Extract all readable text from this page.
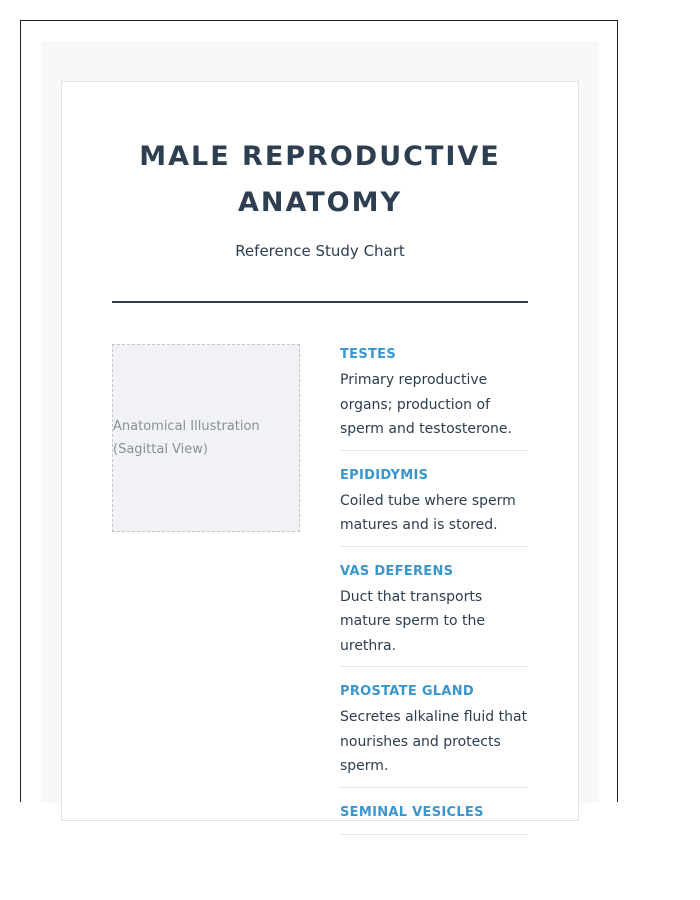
MALE REPRODUCTIVE ANATOMY
Reference Study Chart
Anatomical Illustration
(Sagittal View)
TESTES
Primary reproductive organs; production of sperm and testosterone.
EPIDIDYMIS
Coiled tube where sperm matures and is stored.
VAS DEFERENS
Duct that transports mature sperm to the urethra.
PROSTATE GLAND
Secretes alkaline fluid that nourishes and protects sperm.
SEMINAL VESICLES
